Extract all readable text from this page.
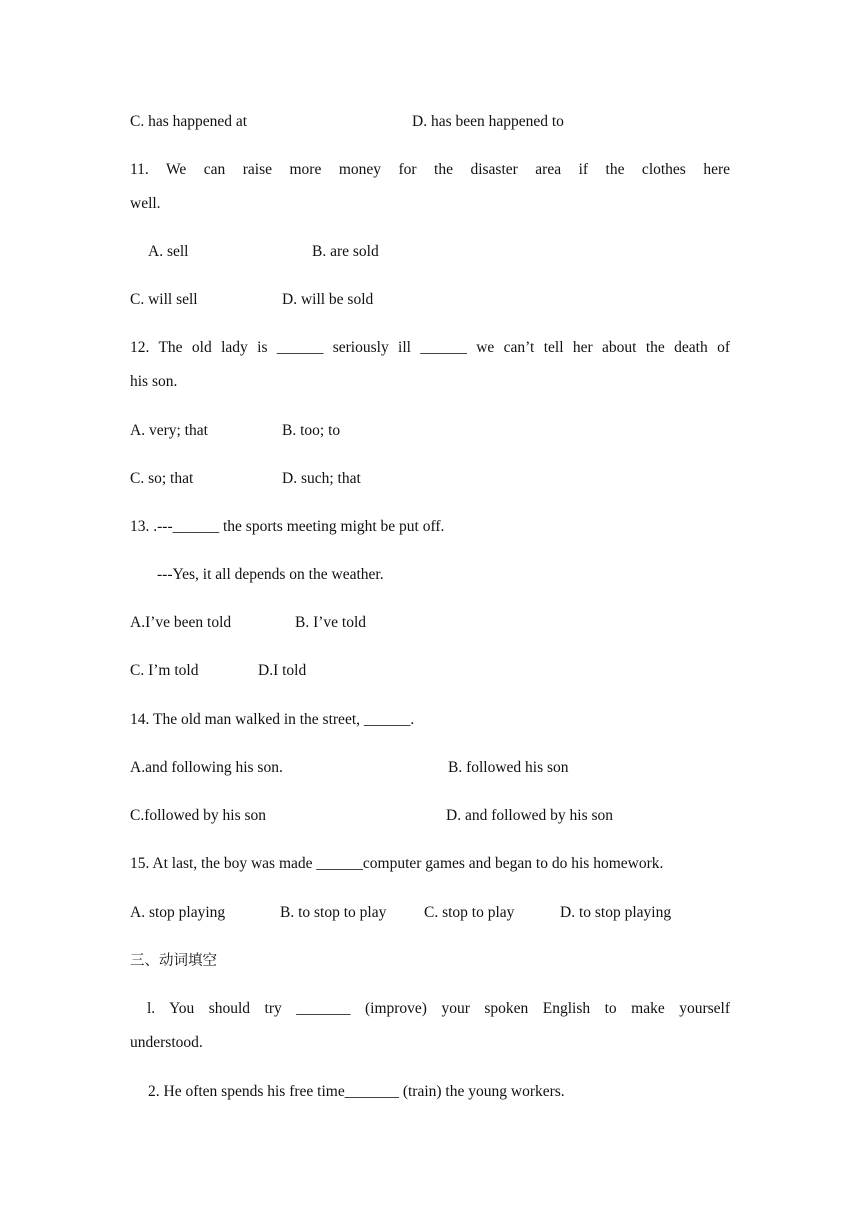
C. has happened at	D. has been happened to
11. We can raise more money for the disaster area if the clothes here
well.
A. sell	B. are sold
C. will sell	D. will be sold
12. The old lady is ______ seriously ill ______ we can’t tell her about the death of
his son.
A. very; that	B. too; to
C. so; that	D. such; that
13. .---______ the sports meeting might be put off.
---Yes, it all depends on the weather.
A.I’ve been told	B. I’ve told
C. I’m told	D.I told
14. The old man walked in the street, ______.
A.and following his son.	B. followed his son
C.followed by his son	D. and followed by his son
15. At last, the boy was made ______computer games and began to do his homework.
A. stop playing	B. to stop to play C. stop to play	D. to stop playing
三、动词填空
l. You should try _______ (improve) your spoken English to make yourself
understood.
2. He often spends his free time_______ (train) the young workers.
